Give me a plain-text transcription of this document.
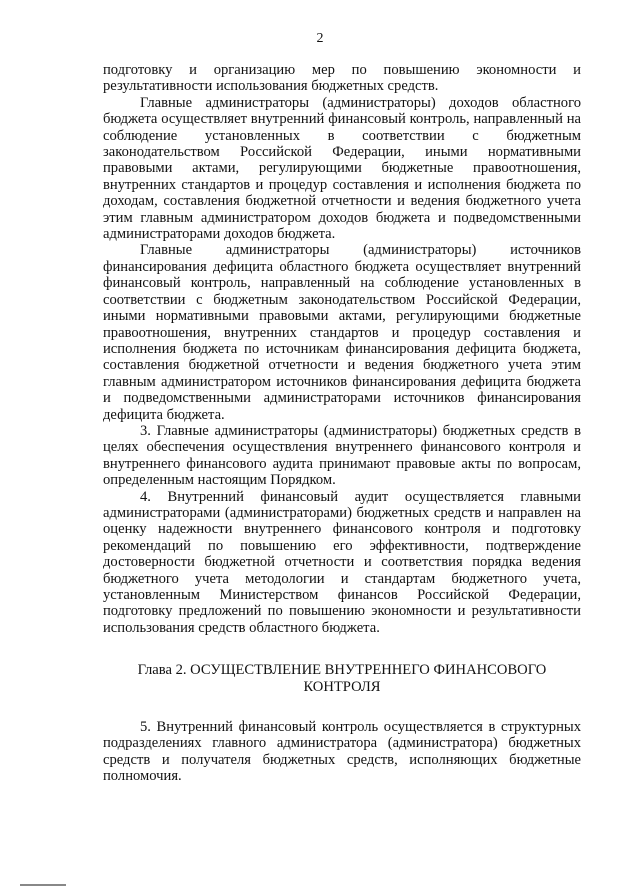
2

подготовку и организацию мер по повышению экономности и результативности использования бюджетных средств.

Главные администраторы (администраторы) доходов областного бюджета осуществляет внутренний финансовый контроль, направленный на соблюдение установленных в соответствии с бюджетным законодательством Российской Федерации, иными нормативными правовыми актами, регулирующими бюджетные правоотношения, внутренних стандартов и процедур составления и исполнения бюджета по доходам, составления бюджетной отчетности и ведения бюджетного учета этим главным администратором доходов бюджета и подведомственными администраторами доходов бюджета.

Главные администраторы (администраторы) источников финансирования дефицита областного бюджета осуществляет внутренний финансовый контроль, направленный на соблюдение установленных в соответствии с бюджетным законодательством Российской Федерации, иными нормативными правовыми актами, регулирующими бюджетные правоотношения, внутренних стандартов и процедур составления и исполнения бюджета по источникам финансирования дефицита бюджета, составления бюджетной отчетности и ведения бюджетного учета этим главным администратором источников финансирования дефицита бюджета и подведомственными администраторами источников финансирования дефицита бюджета.

3. Главные администраторы (администраторы) бюджетных средств в целях обеспечения осуществления внутреннего финансового контроля и внутреннего финансового аудита принимают правовые акты по вопросам, определенным настоящим Порядком.

4. Внутренний финансовый аудит осуществляется главными администраторами (администраторами) бюджетных средств и направлен на оценку надежности внутреннего финансового контроля и подготовку рекомендаций по повышению его эффективности, подтверждение достоверности бюджетной отчетности и соответствия порядка ведения бюджетного учета методологии и стандартам бюджетного учета, установленным Министерством финансов Российской Федерации, подготовку предложений по повышению экономности и результативности использования средств областного бюджета.

Глава 2. ОСУЩЕСТВЛЕНИЕ ВНУТРЕННЕГО ФИНАНСОВОГО КОНТРОЛЯ

5. Внутренний финансовый контроль осуществляется в структурных подразделениях главного администратора (администратора) бюджетных средств и получателя бюджетных средств, исполняющих бюджетные полномочия.
